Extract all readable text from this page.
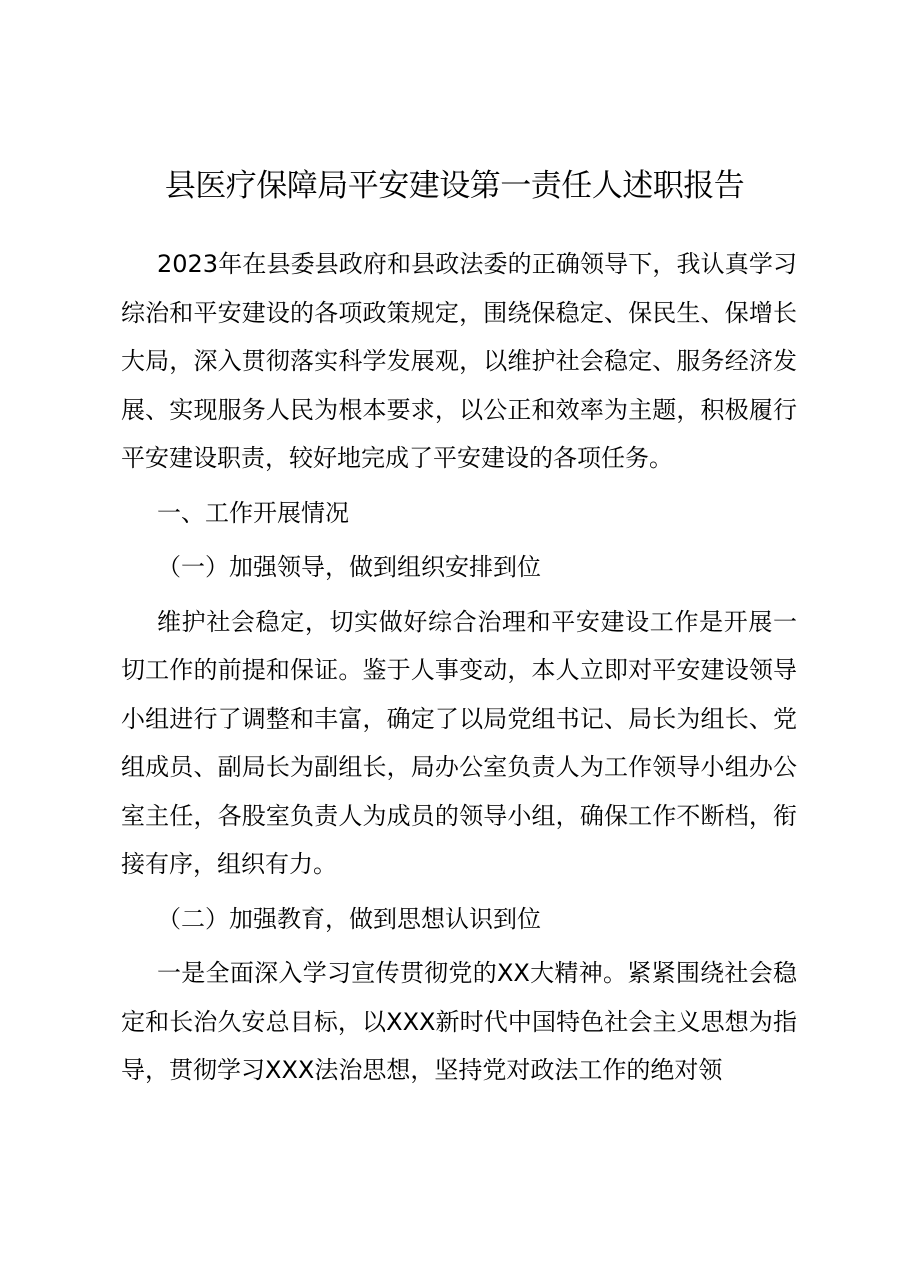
县医疗保障局平安建设第一责任人述职报告

2023年在县委县政府和县政法委的正确领导下，我认真学习综治和平安建设的各项政策规定，围绕保稳定、保民生、保增长大局，深入贯彻落实科学发展观，以维护社会稳定、服务经济发展、实现服务人民为根本要求，以公正和效率为主题，积极履行平安建设职责，较好地完成了平安建设的各项任务。

一、工作开展情况
（一）加强领导，做到组织安排到位

维护社会稳定，切实做好综合治理和平安建设工作是开展一切工作的前提和保证。鉴于人事变动，本人立即对平安建设领导小组进行了调整和丰富，确定了以局党组书记、局长为组长、党组成员、副局长为副组长，局办公室负责人为工作领导小组办公室主任，各股室负责人为成员的领导小组，确保工作不断档，衔接有序，组织有力。

（二）加强教育，做到思想认识到位

一是全面深入学习宣传贯彻党的XX大精神。紧紧围绕社会稳定和长治久安总目标，以XXX新时代中国特色社会主义思想为指导，贯彻学习XXX法治思想，坚持党对政法工作的绝对领
